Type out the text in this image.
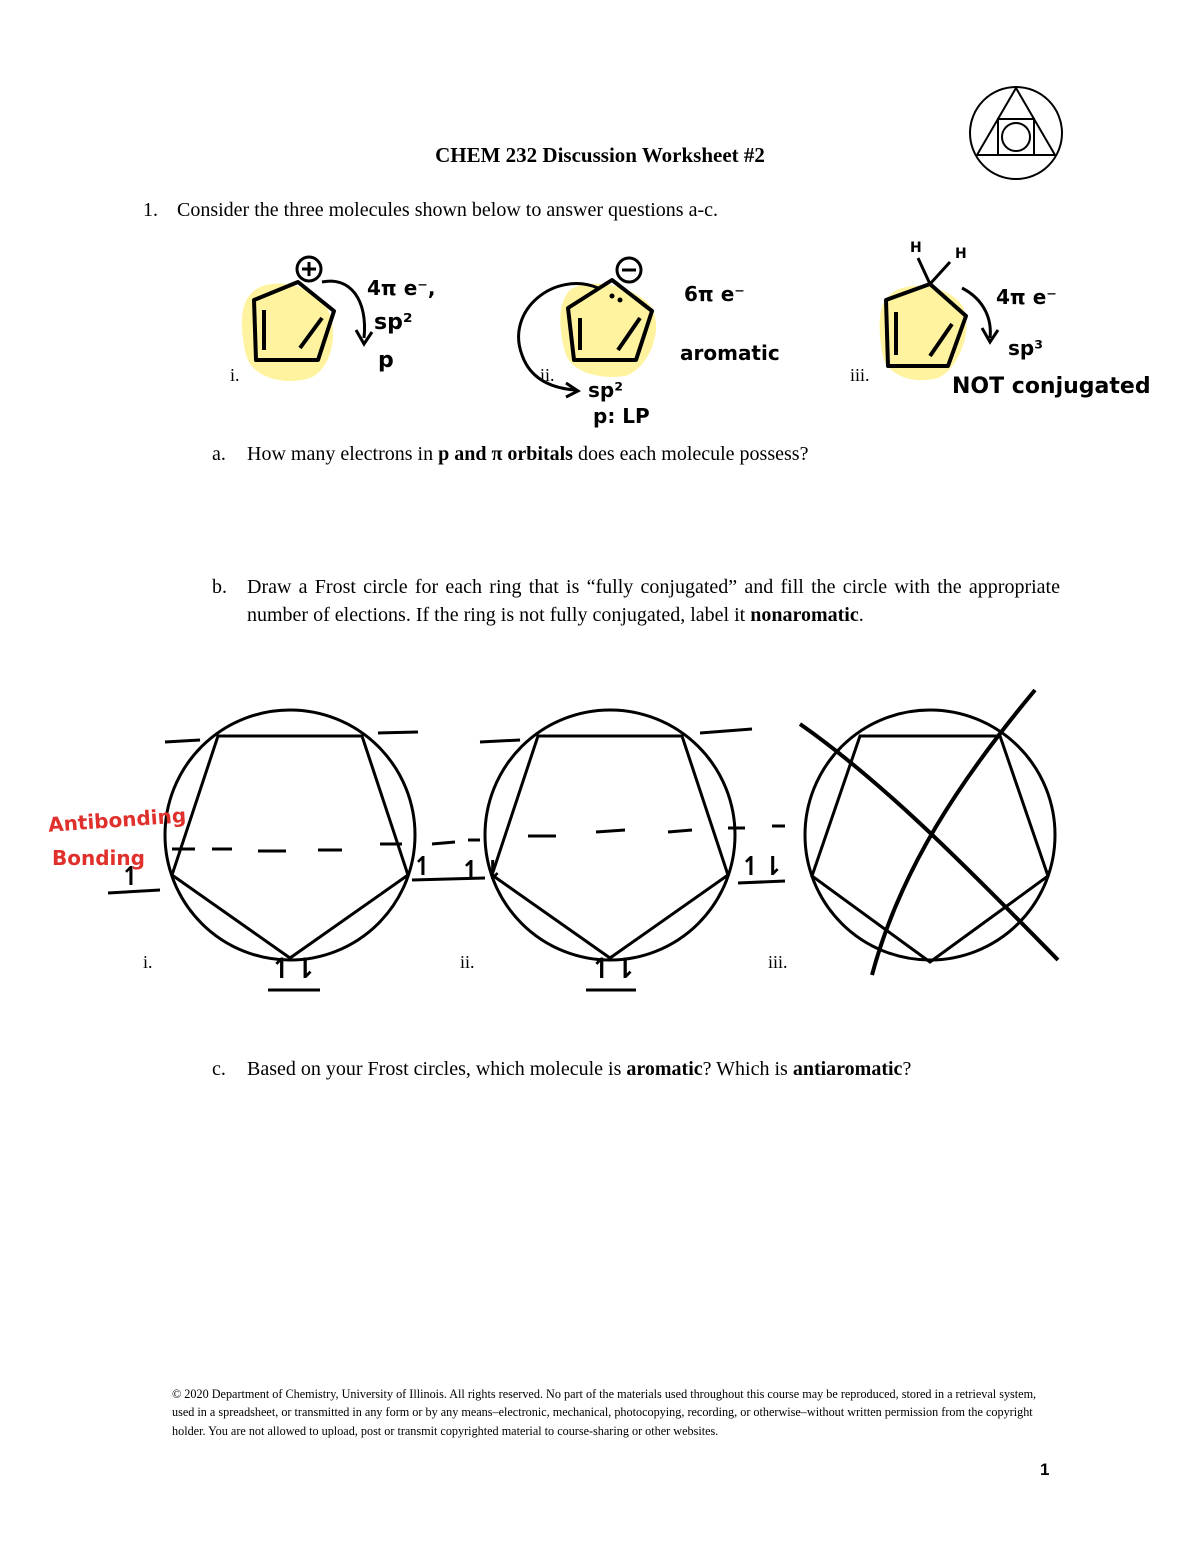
CHEM 232 Discussion Worksheet #2
1. Consider the three molecules shown below to answer questions a-c.
4π e⁻,
sp²
p
i.
6π e⁻
aromatic
sp²
p: LP
ii.
H H
4π e⁻
sp³
NOT conjugated
iii.
a. How many electrons in p and π orbitals does each molecule possess?
b. Draw a Frost circle for each ring that is “fully conjugated” and fill the circle with the appropriate number of elections. If the ring is not fully conjugated, label it nonaromatic.
↿	↿
↿⇂
↿⇂	↿⇂
↿⇂
Antibonding
Bonding
i.	ii.	iii.
c. Based on your Frost circles, which molecule is aromatic? Which is antiaromatic?
© 2020 Department of Chemistry, University of Illinois. All rights reserved. No part of the materials used throughout this course may be reproduced, stored in a retrieval system, used in a spreadsheet, or transmitted in any form or by any means–electronic, mechanical, photocopying, recording, or otherwise–without written permission from the copyright holder. You are not allowed to upload, post or transmit copyrighted material to course-sharing or other websites.
1
